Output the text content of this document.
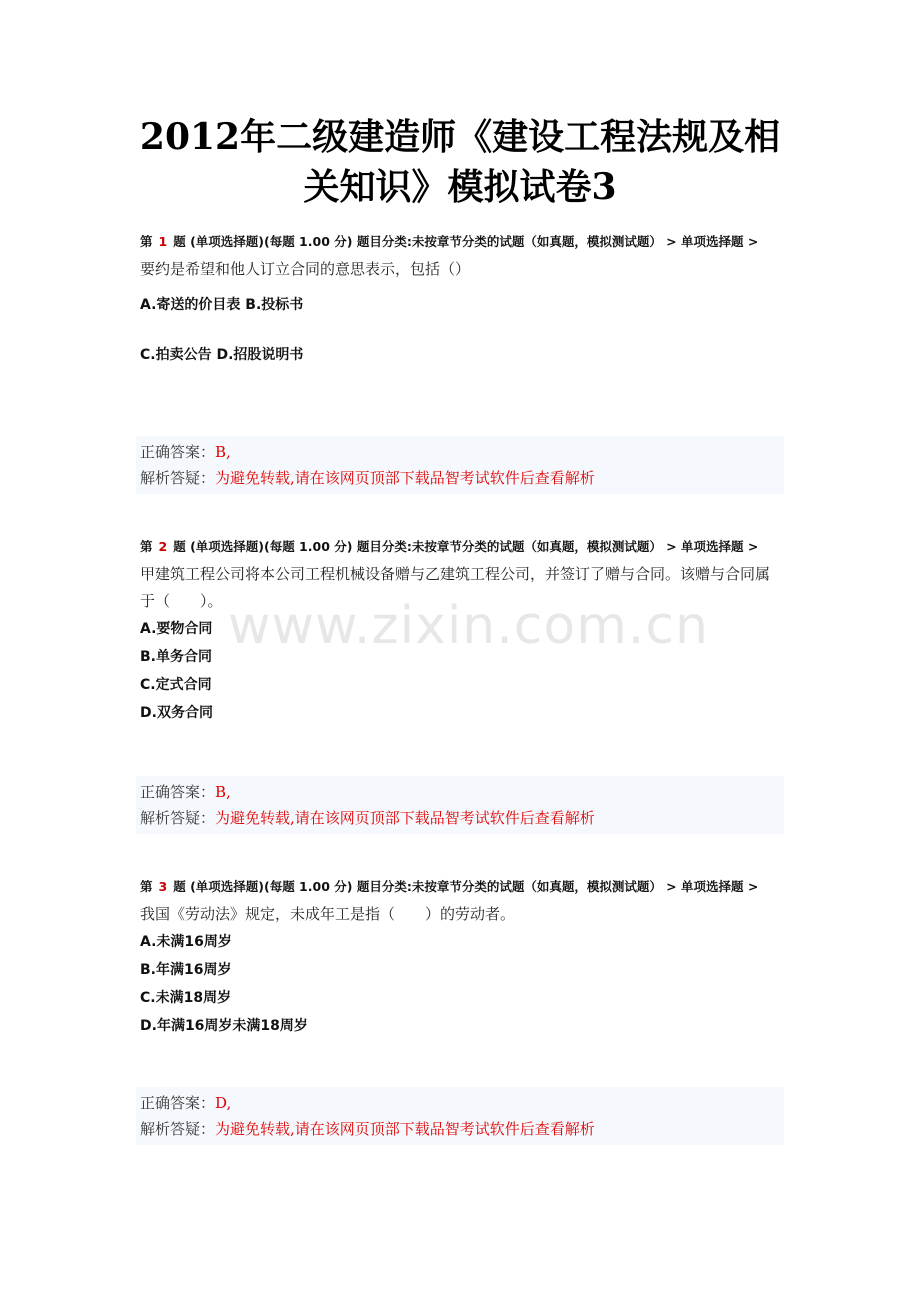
2012年二级建造师《建设工程法规及相
关知识》模拟试卷3
第 1 题 (单项选择题)(每题 1.00 分) 题目分类:未按章节分类的试题（如真题，模拟测试题） > 单项选择题 >
要约是希望和他人订立合同的意思表示，包括（）
A.寄送的价目表 B.投标书
C.拍卖公告 D.招股说明书
正确答案：B,
解析答疑：为避免转载,请在该网页顶部下载品智考试软件后查看解析
第 2 题 (单项选择题)(每题 1.00 分) 题目分类:未按章节分类的试题（如真题，模拟测试题） > 单项选择题 >
甲建筑工程公司将本公司工程机械设备赠与乙建筑工程公司，并签订了赠与合同。该赠与合同属于（　　）。
A.要物合同
B.单务合同
C.定式合同
D.双务合同
正确答案：B,
解析答疑：为避免转载,请在该网页顶部下载品智考试软件后查看解析
第 3 题 (单项选择题)(每题 1.00 分) 题目分类:未按章节分类的试题（如真题，模拟测试题） > 单项选择题 >
我国《劳动法》规定，未成年工是指（　　）的劳动者。
A.未满16周岁
B.年满16周岁
C.未满18周岁
D.年满16周岁未满18周岁
正确答案：D,
解析答疑：为避免转载,请在该网页顶部下载品智考试软件后查看解析
www.zixin.com.cn
